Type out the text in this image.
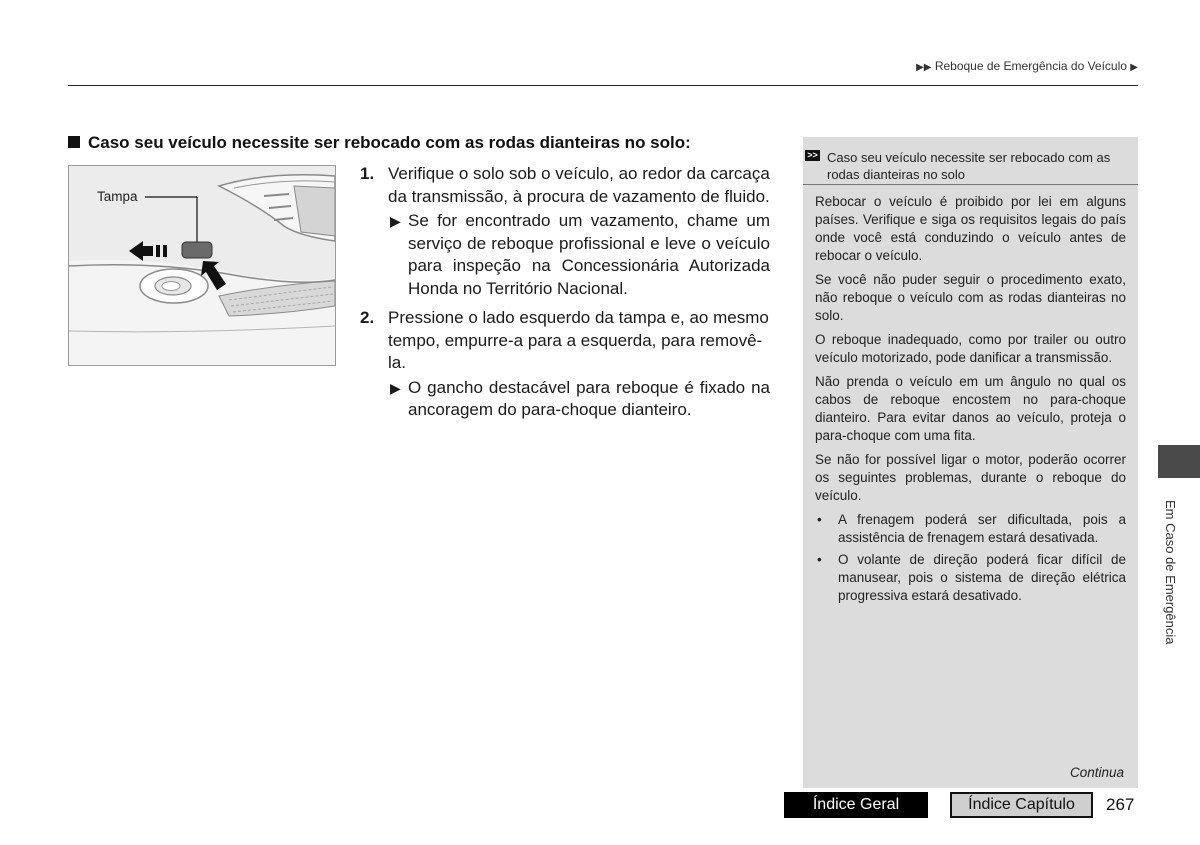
▶▶ Reboque de Emergência do Veículo ▶
Caso seu veículo necessite ser rebocado com as rodas dianteiras no solo:
Tampa
1. Verifique o solo sob o veículo, ao redor da carcaça da transmissão, à procura de vazamento de fluido.
▶ Se for encontrado um vazamento, chame um serviço de reboque profissional e leve o veículo para inspeção na Concessionária Autorizada Honda no Território Nacional.
2. Pressione o lado esquerdo da tampa e, ao mesmo tempo, empurre-a para a esquerda, para removê-la.
▶ O gancho destacável para reboque é fixado na ancoragem do para-choque dianteiro.
>> Caso seu veículo necessite ser rebocado com as rodas dianteiras no solo

Rebocar o veículo é proibido por lei em alguns países. Verifique e siga os requisitos legais do país onde você está conduzindo o veículo antes de rebocar o veículo.

Se você não puder seguir o procedimento exato, não reboque o veículo com as rodas dianteiras no solo.

O reboque inadequado, como por trailer ou outro veículo motorizado, pode danificar a transmissão.

Não prenda o veículo em um ângulo no qual os cabos de reboque encostem no para-choque dianteiro. Para evitar danos ao veículo, proteja o para-choque com uma fita.

Se não for possível ligar o motor, poderão ocorrer os seguintes problemas, durante o reboque do veículo.

• A frenagem poderá ser dificultada, pois a assistência de frenagem estará desativada.
• O volante de direção poderá ficar difícil de manusear, pois o sistema de direção elétrica progressiva estará desativado.
Continua
Em Caso de Emergência
Índice Geral	Índice Capítulo	267
